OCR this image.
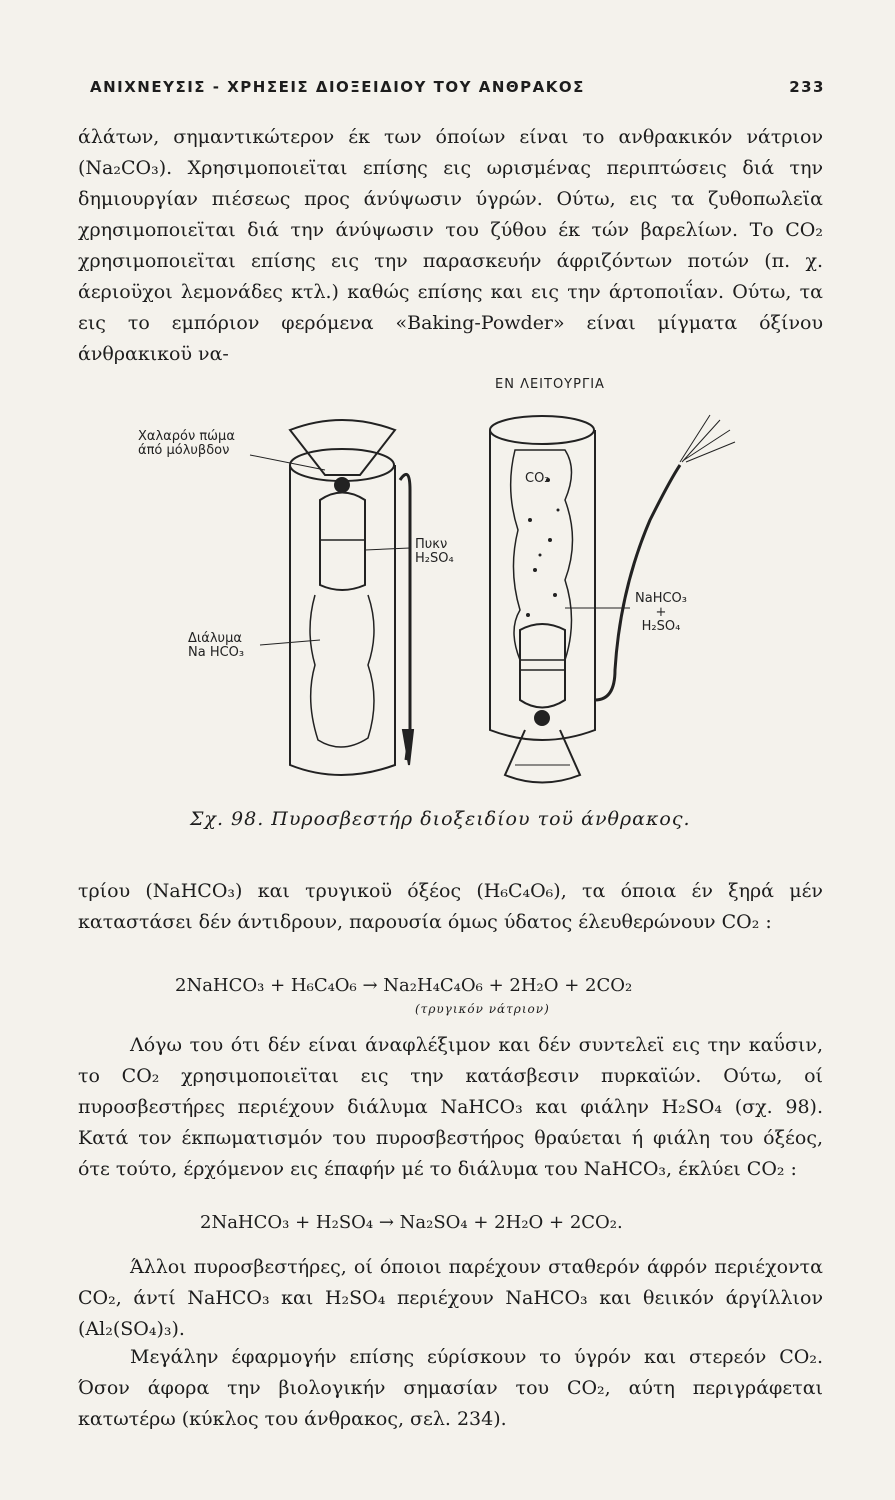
ΑΝΙΧΝΕΥΣΙΣ - ΧΡΗΣΕΙΣ ΔΙΟΞΕΙΔΙΟΥ ΤΟΥ ΑΝΘΡΑΚΟΣ	233

άλάτων, σημαντικώτερον έκ των όποίων είναι το ανθρακικόν νάτριον (Na₂CO₃). Χρησιμοποιεϊται επίσης εις ωρισμένας περιπτώσεις διά την δημιουργίαν πιέσεως προς άνύψωσιν ύγρών. Ούτω, εις τα ζυθοπωλεϊα χρησιμοποιεϊται διά την άνύψωσιν του ζύθου έκ τών βαρελίων. Το CO₂ χρησιμοποιεϊται επίσης εις την παρασκευήν άφριζόντων ποτών (π. χ. άεριοϋχοι λεμονάδες κτλ.) καθώς επίσης και εις την άρτοποιΐαν. Ούτω, τα εις το εμπόριον φερόμενα «Baking-Powder» είναι μίγματα όξίνου άνθρακικοϋ να-

ΕΝ ΛΕΙΤΟΥΡΓΙΑ
Χαλαρόν πώμα
άπό μόλυβδον
Πυκν
H₂SO₄
Διάλυμα
Na HCO₃
CO₂
NaHCO₃
+
H₂SO₄
Σχ. 98. Πυροσβεστήρ διοξειδίου τοϋ άνθρακος.

τρίου (NaHCO₃) και τρυγικοϋ όξέος (H₆C₄O₆), τα όποια έν ξηρά μέν καταστάσει δέν άντιδρουν, παρουσία όμως ύδατος έλευθερώνουν CO₂ :

2NaHCO₃ + H₆C₄O₆ → Na₂H₄C₄O₆ + 2H₂O + 2CO₂
(τρυγικόν νάτριον)

Λόγω του ότι δέν είναι άναφλέξιμον και δέν συντελεϊ εις την καΰσιν, το CO₂ χρησιμοποιεϊται εις την κατάσβεσιν πυρκαϊών. Ούτω, οί πυροσβεστήρες περιέχουν διάλυμα NaHCO₃ και φιάλην H₂SO₄ (σχ. 98). Κατά τον έκπωματισμόν του πυροσβεστήρος θραύεται ή φιάλη του όξέος, ότε τούτο, έρχόμενον εις έπαφήν μέ το διάλυμα του NaHCO₃, έκλύει CO₂ :

2NaHCO₃ + H₂SO₄ → Na₂SO₄ + 2H₂O + 2CO₂.

Άλλοι πυροσβεστήρες, οί όποιοι παρέχουν σταθερόν άφρόν περιέχοντα CO₂, άντί NaHCO₃ και H₂SO₄ περιέχουν NaHCO₃ και θειικόν άργίλλιον (Al₂(SO₄)₃).

Μεγάλην έφαρμογήν επίσης εύρίσκουν το ύγρόν και στερεόν CO₂. Όσον άφορα την βιολογικήν σημασίαν του CO₂, αύτη περιγράφεται κατωτέρω (κύκλος του άνθρακος, σελ. 234).
